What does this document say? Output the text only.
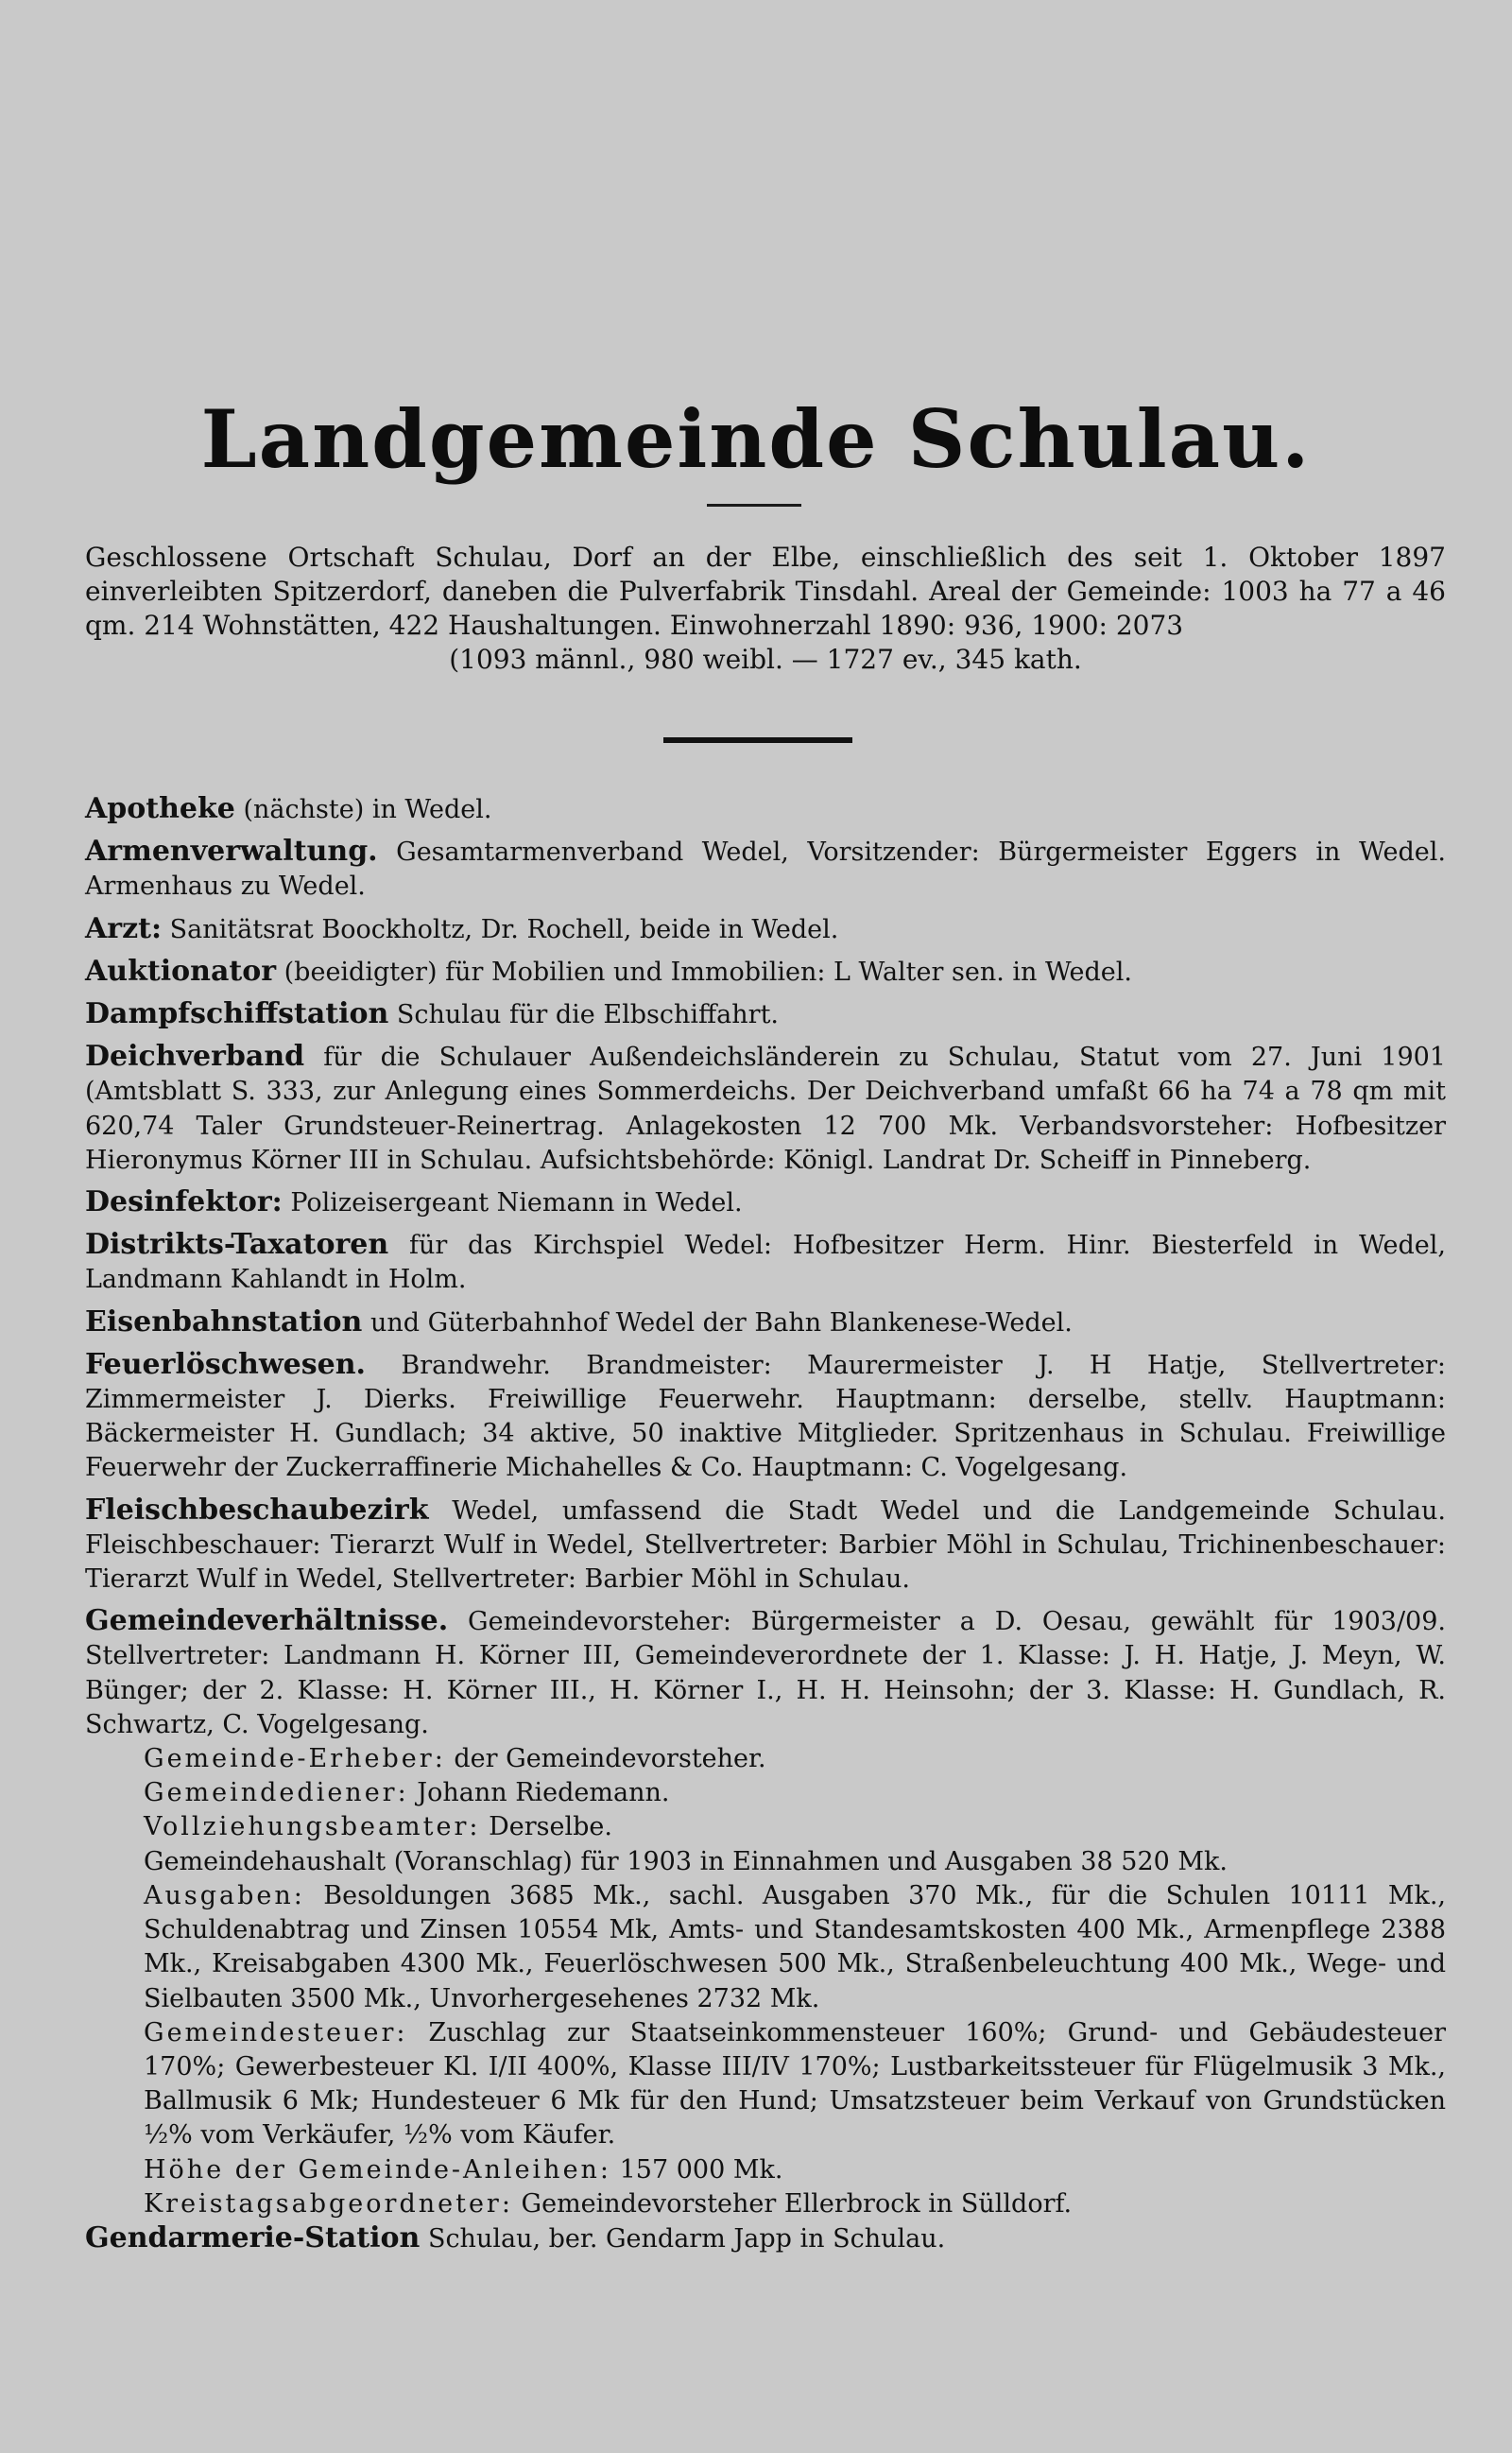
Landgemeinde Schulau.
Geschlossene Ortschaft Schulau, Dorf an der Elbe, einschließlich des seit 1. Oktober 1897 einverleibten Spitzerdorf, daneben die Pulverfabrik Tinsdahl. Areal der Gemeinde: 1003 ha 77 a 46 qm. 214 Wohnstätten, 422 Haushaltungen. Einwohnerzahl 1890: 936, 1900: 2073
(1093 männl., 980 weibl. — 1727 ev., 345 kath.
Apotheke (nächste) in Wedel.
Armenverwaltung. Gesamtarmenverband Wedel, Vorsitzender: Bürgermeister Eggers in Wedel. Armenhaus zu Wedel.
Arzt: Sanitätsrat Boockholtz, Dr. Rochell, beide in Wedel.
Auktionator (beeidigter) für Mobilien und Immobilien: L Walter sen. in Wedel.
Dampfschiffstation Schulau für die Elbschiffahrt.
Deichverband für die Schulauer Außendeichsländerein zu Schulau, Statut vom 27. Juni 1901 (Amtsblatt S. 333, zur Anlegung eines Sommerdeichs. Der Deichverband umfaßt 66 ha 74 a 78 qm mit 620,74 Taler Grundsteuer-Reinertrag. Anlagekosten 12 700 Mk. Verbandsvorsteher: Hofbesitzer Hieronymus Körner III in Schulau. Aufsichtsbehörde: Königl. Landrat Dr. Scheiff in Pinneberg.
Desinfektor: Polizeisergeant Niemann in Wedel.
Distrikts-Taxatoren für das Kirchspiel Wedel: Hofbesitzer Herm. Hinr. Biesterfeld in Wedel, Landmann Kahlandt in Holm.
Eisenbahnstation und Güterbahnhof Wedel der Bahn Blankenese-Wedel.
Feuerlöschwesen. Brandwehr. Brandmeister: Maurermeister J. H Hatje, Stellvertreter: Zimmermeister J. Dierks. Freiwillige Feuerwehr. Hauptmann: derselbe, stellv. Hauptmann: Bäckermeister H. Gundlach; 34 aktive, 50 inaktive Mitglieder. Spritzenhaus in Schulau. Freiwillige Feuerwehr der Zuckerraffinerie Michahelles & Co. Hauptmann: C. Vogelgesang.
Fleischbeschaubezirk Wedel, umfassend die Stadt Wedel und die Landgemeinde Schulau. Fleischbeschauer: Tierarzt Wulf in Wedel, Stellvertreter: Barbier Möhl in Schulau, Trichinenbeschauer: Tierarzt Wulf in Wedel, Stellvertreter: Barbier Möhl in Schulau.
Gemeindeverhältnisse. Gemeindevorsteher: Bürgermeister a D. Oesau, gewählt für 1903/09. Stellvertreter: Landmann H. Körner III, Gemeindeverordnete der 1. Klasse: J. H. Hatje, J. Meyn, W. Bünger; der 2. Klasse: H. Körner III., H. Körner I., H. H. Heinsohn; der 3. Klasse: H. Gundlach, R. Schwartz, C. Vogelgesang.
Gemeinde-Erheber: der Gemeindevorsteher.
Gemeindediener: Johann Riedemann.
Vollziehungsbeamter: Derselbe.
Gemeindehaushalt (Voranschlag) für 1903 in Einnahmen und Ausgaben 38 520 Mk.
Ausgaben: Besoldungen 3685 Mk., sachl. Ausgaben 370 Mk., für die Schulen 10111 Mk., Schuldenabtrag und Zinsen 10554 Mk, Amts- und Standesamtskosten 400 Mk., Armenpflege 2388 Mk., Kreisabgaben 4300 Mk., Feuerlöschwesen 500 Mk., Straßenbeleuchtung 400 Mk., Wege- und Sielbauten 3500 Mk., Unvorhergesehenes 2732 Mk.
Gemeindesteuer: Zuschlag zur Staatseinkommensteuer 160%; Grund- und Gebäudesteuer 170%; Gewerbesteuer Kl. I/II 400%, Klasse III/IV 170%; Lustbarkeitssteuer für Flügelmusik 3 Mk., Ballmusik 6 Mk; Hundesteuer 6 Mk für den Hund; Umsatzsteuer beim Verkauf von Grundstücken ½% vom Verkäufer, ½% vom Käufer.
Höhe der Gemeinde-Anleihen: 157 000 Mk.
Kreistagsabgeordneter: Gemeindevorsteher Ellerbrock in Sülldorf.
Gendarmerie-Station Schulau, ber. Gendarm Japp in Schulau.
